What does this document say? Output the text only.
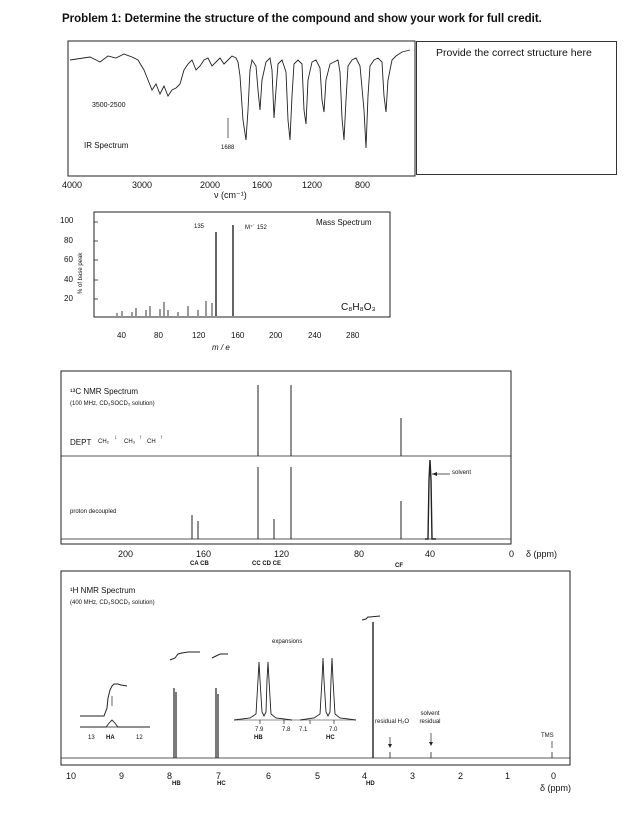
Problem 1: Determine the structure of the compound and show your work for full credit.
Provide the correct structure here
3500-2500
IR Spectrum	1688
4000	3000	2000	1600	1200	800
ν (cm⁻¹)
100
80
60
40
20
% of base peak
135	M⁺˙ 152
Mass Spectrum
C₈H₈O₃
40	80	120	160	200	240	280
m / e
¹³C NMR Spectrum
(100 MHz, CD₃SOCD₃ solution)
DEPT CH₂
↓
CH₃
↑
CH
↑
solvent
proton decoupled
200	160	120	80	40	0 δ (ppm)
CA CB	CC CD CE	CF
¹H NMR Spectrum
(400 MHz, CD₃SOCD₃ solution)
expansions
13 HA	12
7.9	7.8 7.1	7.0
HB	HC
residual H₂O
solvent residual
TMS
10	9	8	7	6	5	4	3	2	1	0
δ (ppm)
HB	HC	HD
